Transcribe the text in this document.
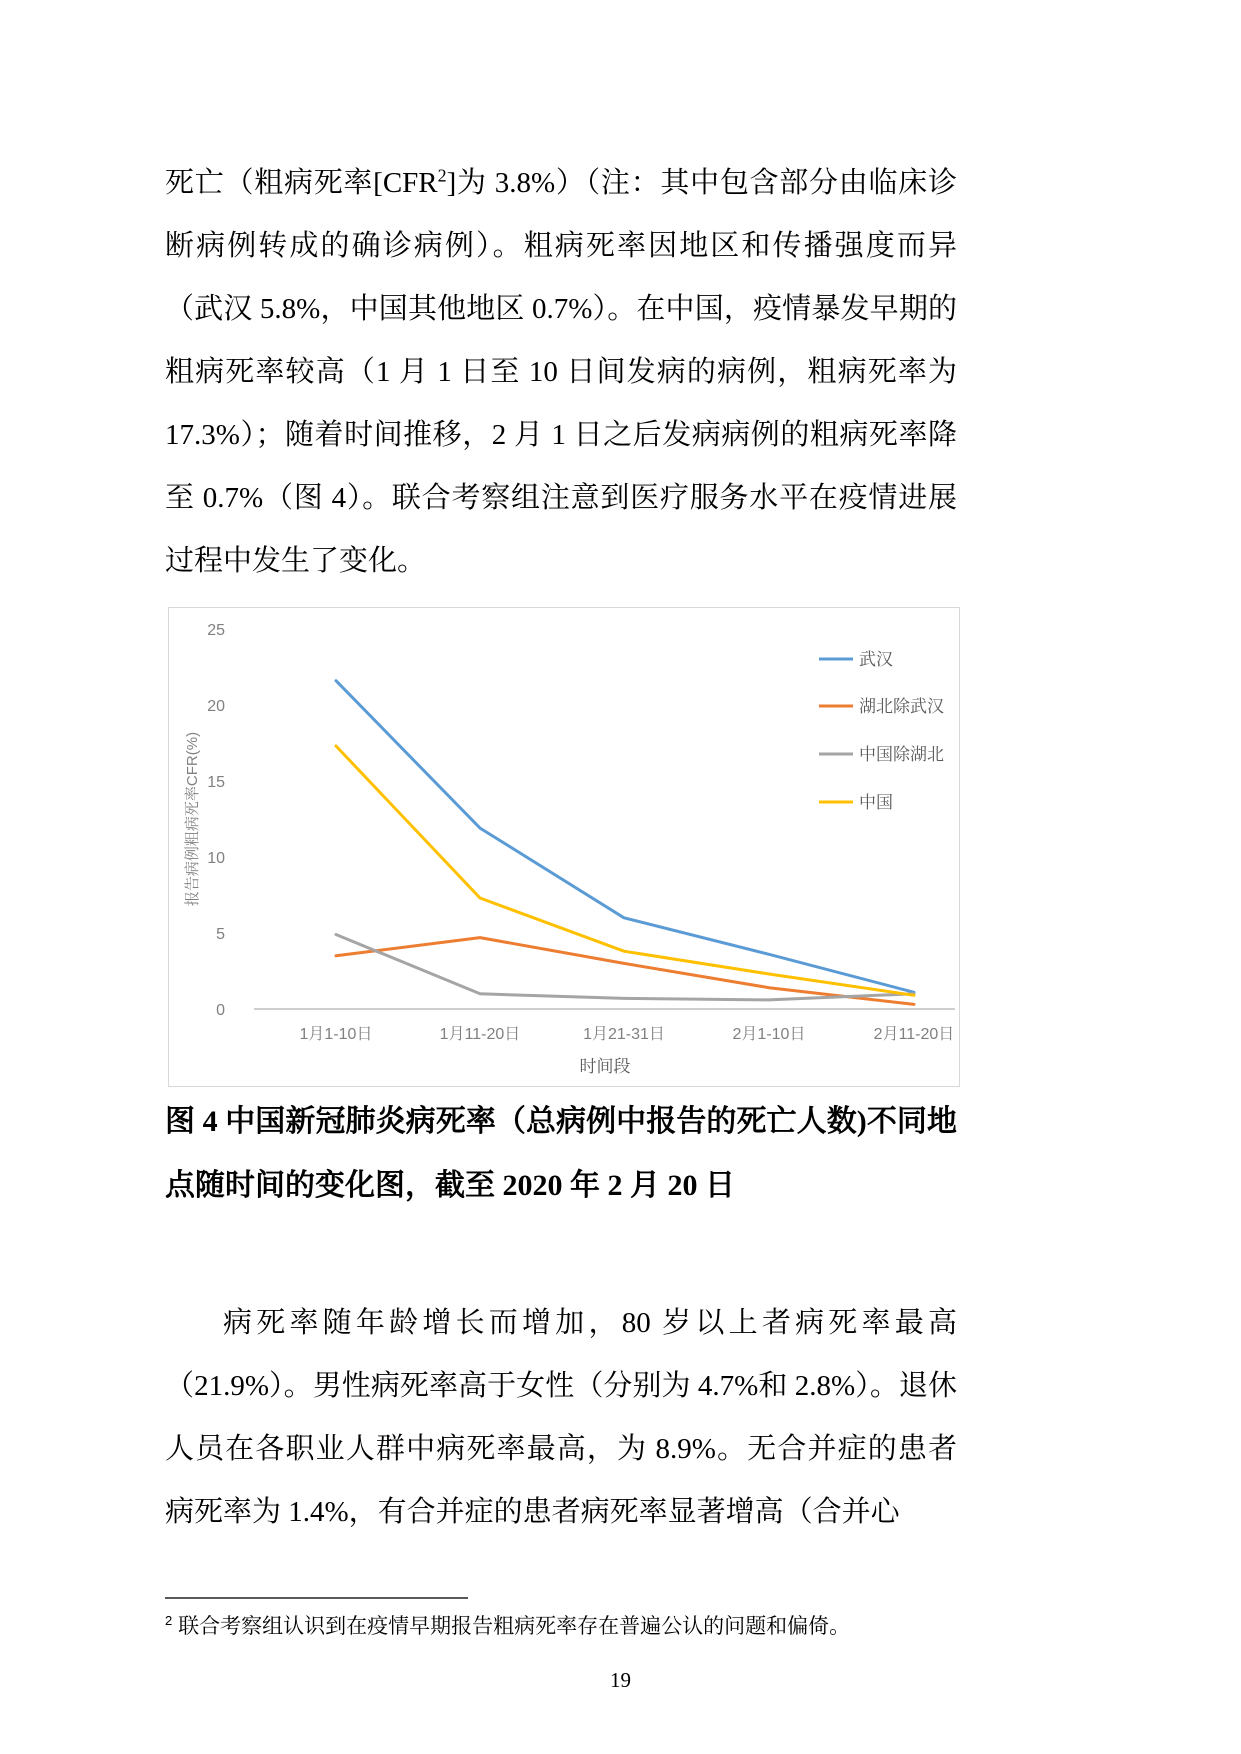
死亡（粗病死率[CFR$^2$]为 3.8%）（注：其中包含部分由临床诊断病例转成的确诊病例）。粗病死率因地区和传播强度而异（武汉 5.8%，中国其他地区 0.7%）。在中国，疫情暴发早期的粗病死率较高（1 月 1 日至 10 日间发病的病例，粗病死率为 17.3%）；随着时间推移，2 月 1 日之后发病病例的粗病死率降至 0.7%（图 4）。联合考察组注意到医疗服务水平在疫情进展过程中发生了变化。

0
5
10
15
20
25
1月1-10日	1月11-20日	1月21-31日	2月1-10日	2月11-20日
时间段
报告病例粗病死率CFR(%)
武汉
湖北除武汉
中国除湖北
中国

图 4 中国新冠肺炎病死率（总病例中报告的死亡人数)不同地点随时间的变化图，截至 2020 年 2 月 20 日

病死率随年龄增长而增加，80 岁以上者病死率最高（21.9%）。男性病死率高于女性（分别为 4.7%和 2.8%）。退休人员在各职业人群中病死率最高，为 8.9%。无合并症的患者病死率为 1.4%，有合并症的患者病死率显著增高（合并心

$^2$ 联合考察组认识到在疫情早期报告粗病死率存在普遍公认的问题和偏倚。

19
